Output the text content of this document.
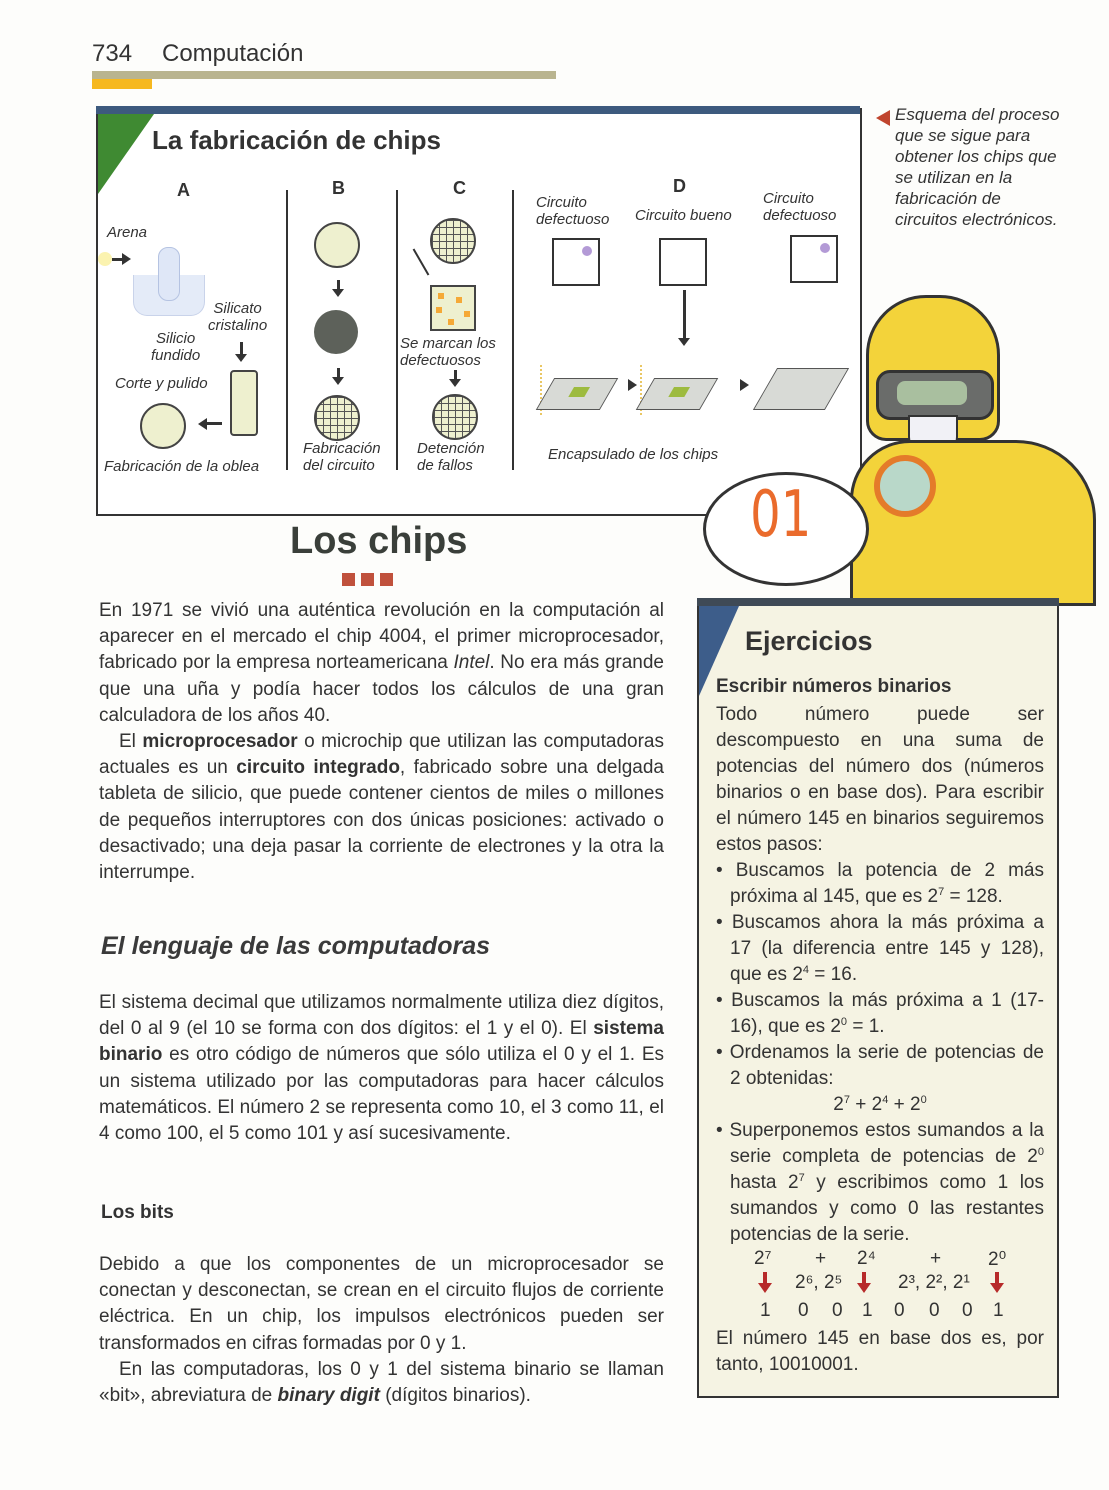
734 Computación
La fabricación de chips
A
Arena
Silicio
fundido
Silicato
cristalino
Corte y pulido
Fabricación de la oblea
B
Fabricación
del circuito
C
Se marcan los
defectuosos
Detención
de fallos
D
Circuito
defectuoso Circuito bueno
Circuito
defectuoso
Encapsulado de los chips
Esquema del proceso que se sigue para obtener los chips que se utilizan en la fabricación de circuitos electrónicos.
01
Los chips

En 1971 se vivió una auténtica revolución en la computación al aparecer en el mercado el chip 4004, el primer microprocesador, fabricado por la empresa norteamericana Intel. No era más grande que una uña y podía hacer todos los cálculos de una gran calculadora de los años 40.

El microprocesador o microchip que utilizan las computadoras actuales es un circuito integrado, fabricado sobre una delgada tableta de silicio, que puede contener cientos de miles o millones de pequeños interruptores con dos únicas posiciones: activado o desactivado; una deja pasar la corriente de electrones y la otra la interrumpe.

El lenguaje de las computadoras

El sistema decimal que utilizamos normalmente utiliza diez dígitos, del 0 al 9 (el 10 se forma con dos dígitos: el 1 y el 0). El sistema binario es otro código de números que sólo utiliza el 0 y el 1. Es un sistema utilizado por las computadoras para hacer cálculos matemáticos. El número 2 se representa como 10, el 3 como 11, el 4 como 100, el 5 como 101 y así sucesivamente.

Los bits

Debido a que los componentes de un microprocesador se conectan y desconectan, se crean en el circuito flujos de corriente eléctrica. En un chip, los impulsos electrónicos pueden ser transformados en cifras formadas por 0 y 1.

En las computadoras, los 0 y 1 del sistema binario se llaman «bit», abreviatura de binary digit (dígitos binarios).

Ejercicios
Escribir números binarios

Todo número puede ser descompuesto en una suma de potencias del número dos (números binarios o en base dos). Para escribir el número 145 en binarios seguiremos estos pasos:

• Buscamos la potencia de 2 más próxima al 145, que es $2^7 = 128$.

• Buscamos ahora la más próxima a 17 (la diferencia entre 145 y 128), que es $2^4 = 16$.

• Buscamos la más próxima a 1 (17-16), que es $2^0 = 1$.

• Ordenamos la serie de potencias de 2 obtenidas:

$2^7 + 2^4 + 2^0$

• Superponemos estos sumandos a la serie completa de potencias de $2^0$ hasta $2^7$ y escribimos como 1 los sumandos y como 0 las restantes potencias de la serie.

2⁷ + 2⁴	+ 2⁰
2⁶, 2⁵	2³, 2², 2¹
1 0 0 1 0 0 0 1
El número 145 en base dos es, por tanto, 10010001.
